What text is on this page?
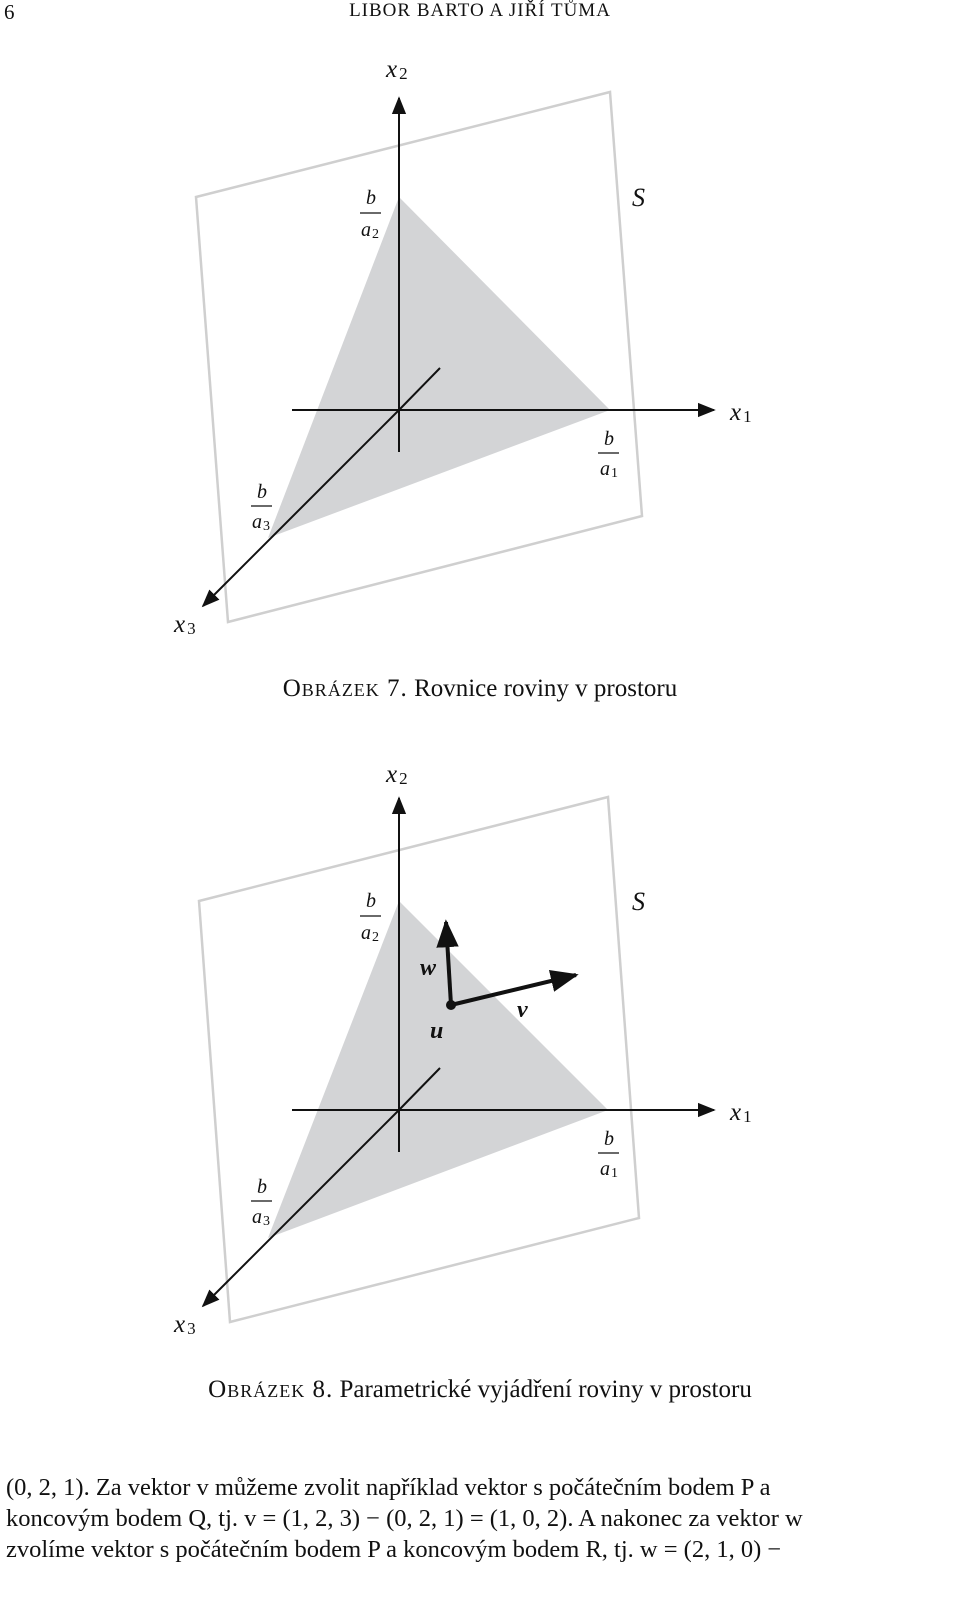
6	LIBOR BARTO A JIŘÍ TŮMA
x 2
x 1
x 3
S
b
a2
b
a1
b
a3
Obrázek 7. Rovnice roviny v prostoru
w
v
u
x 2
x 1
x 3
S
b
a2
b
a1
b
a3
Obrázek 8. Parametrické vyjádření roviny v prostoru
(0, 2, 1). Za vektor v můžeme zvolit například vektor s počátečním bodem P a
koncovým bodem Q, tj. v = (1, 2, 3) − (0, 2, 1) = (1, 0, 2). A nakonec za vektor w
zvolíme vektor s počátečním bodem P a koncovým bodem R, tj. w = (2, 1, 0) −
